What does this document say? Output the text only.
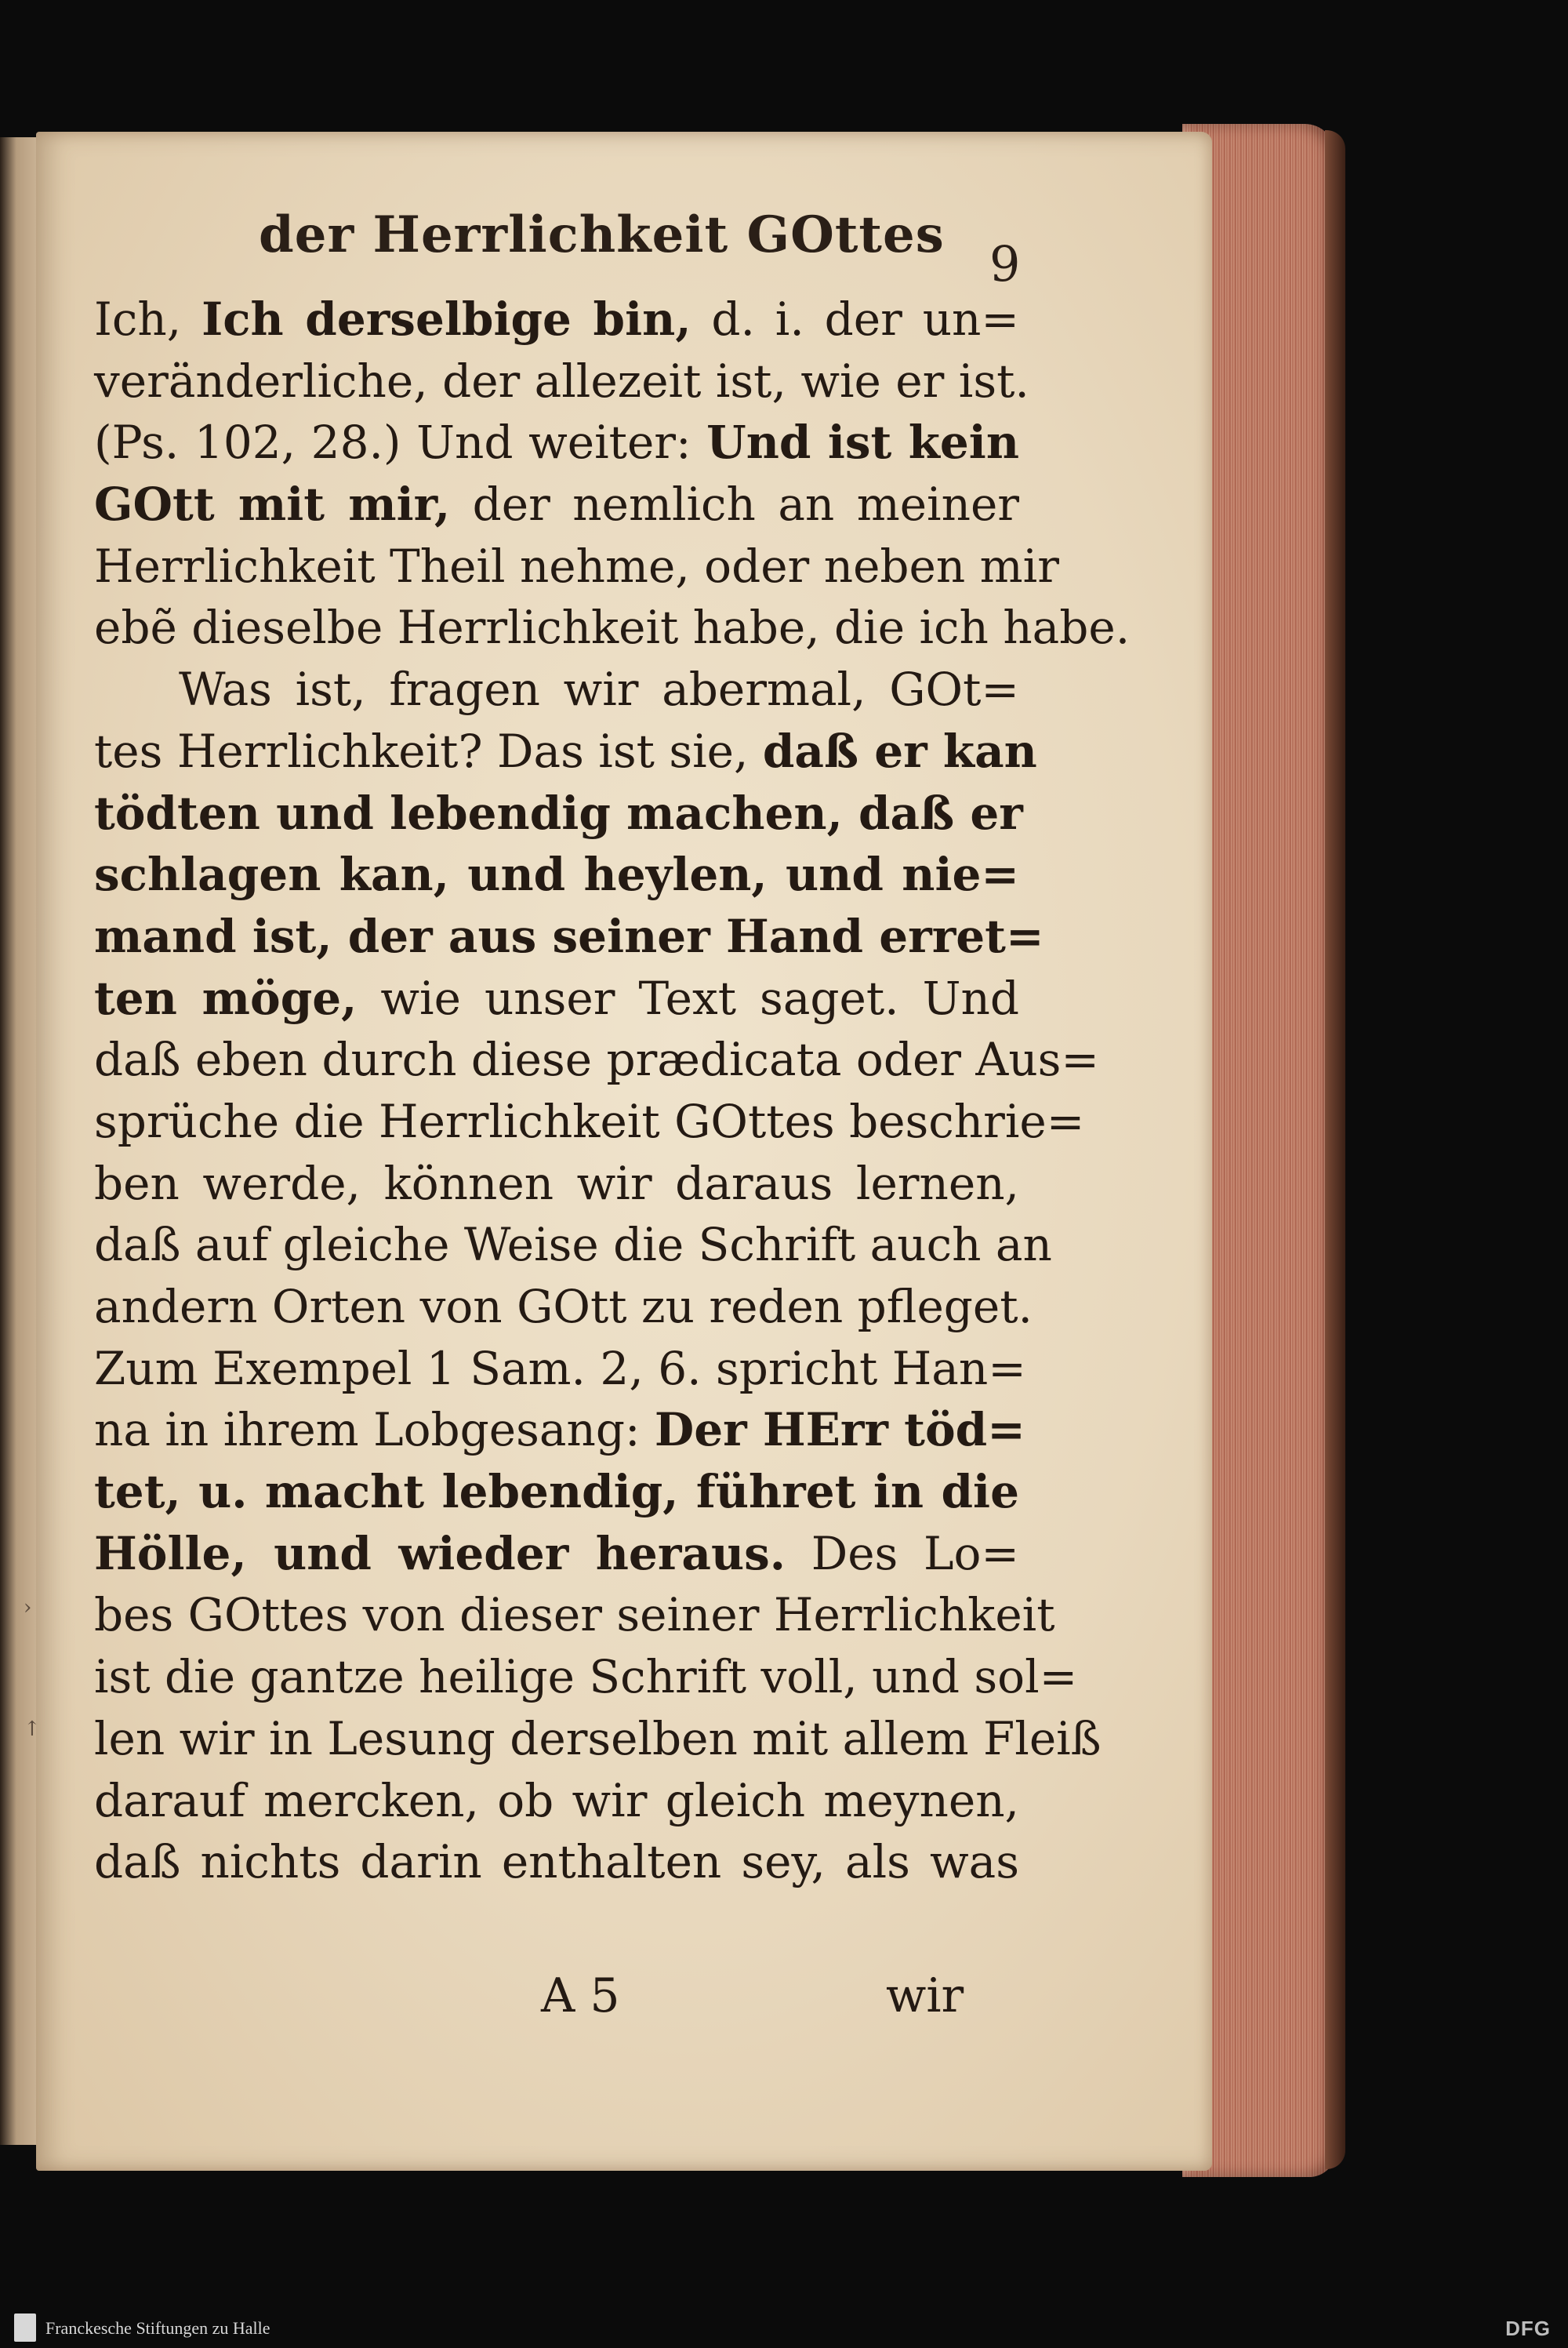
der Herrlichkeit GOttes 9
Ich, Ich derselbige bin, d. i. der un=
veränderliche, der allezeit ist, wie er ist.
(Ps. 102, 28.) Und weiter: Und ist kein
GOtt mit mir, der nemlich an meiner
Herrlichkeit Theil nehme, oder neben mir
ebẽ dieselbe Herrlichkeit habe, die ich habe.
Was ist, fragen wir abermal, GOt=
tes Herrlichkeit? Das ist sie, daß er kan
tödten und lebendig machen, daß er
schlagen kan, und heylen, und nie=
mand ist, der aus seiner Hand erret=
ten möge, wie unser Text saget. Und
daß eben durch diese prædicata oder Aus=
sprüche die Herrlichkeit GOttes beschrie=
ben werde, können wir daraus lernen,
daß auf gleiche Weise die Schrift auch an
andern Orten von GOtt zu reden pfleget.
Zum Exempel 1 Sam. 2, 6. spricht Han=
na in ihrem Lobgesang: Der HErr töd=
tet, u. macht lebendig, führet in die
Hölle, und wieder heraus. Des Lo=
bes GOttes von dieser seiner Herrlichkeit
ist die gantze heilige Schrift voll, und sol=
len wir in Lesung derselben mit allem Fleiß
darauf mercken, ob wir gleich meynen,
daß nichts darin enthalten sey, als was
A 5	wir
›
↑
Franckesche Stiftungen zu Halle	DFG
